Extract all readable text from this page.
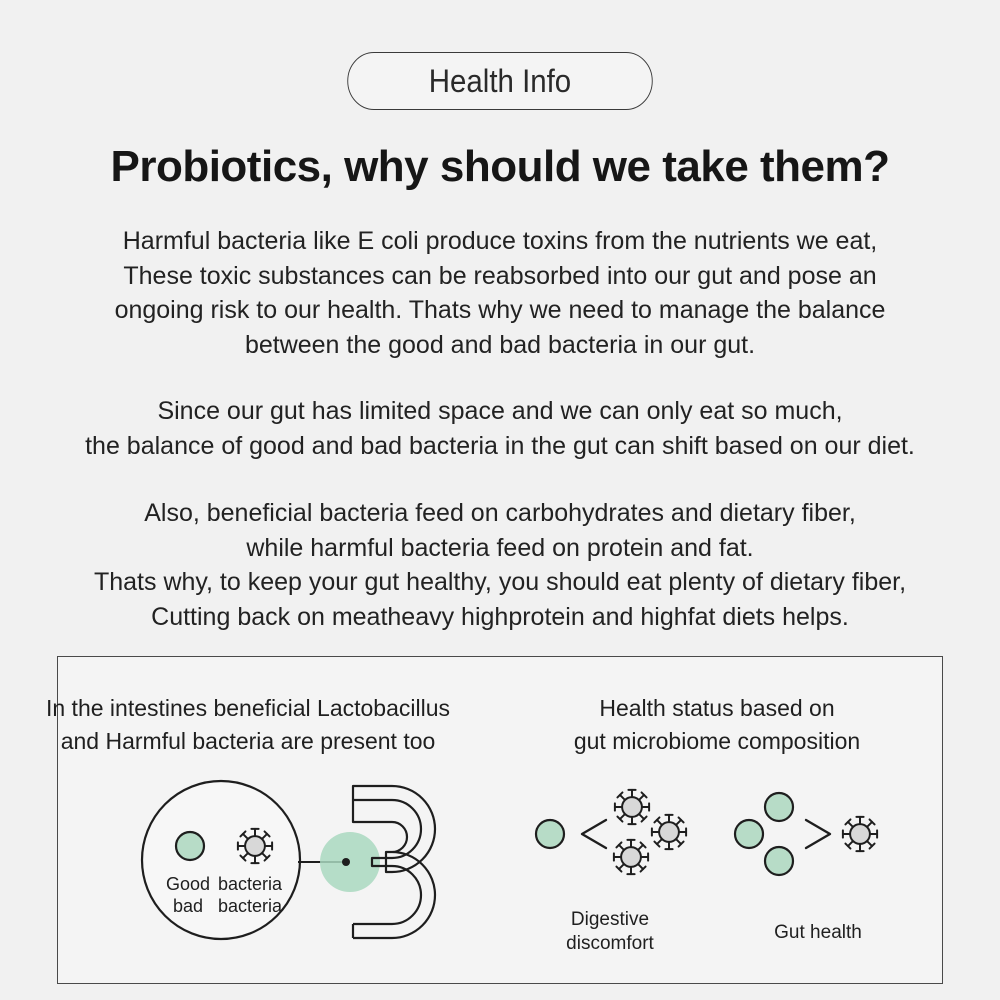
Health Info
Probiotics, why should we take them?
Harmful bacteria like E coli produce toxins from the nutrients we eat,
These toxic substances can be reabsorbed into our gut and pose an
ongoing risk to our health. Thats why we need to manage the balance
between the good and bad bacteria in our gut.
Since our gut has limited space and we can only eat so much,
the balance of good and bad bacteria in the gut can shift based on our diet.
Also, beneficial bacteria feed on carbohydrates and dietary fiber,
while harmful bacteria feed on protein and fat.
Thats why, to keep your gut healthy, you should eat plenty of dietary fiber,
Cutting back on meatheavy highprotein and highfat diets helps.
In the intestines beneficial Lactobacillus
and Harmful bacteria are present too
Health status based on
gut microbiome composition
Good
bad
bacteria
bacteria
Digestive
discomfort
Gut health
